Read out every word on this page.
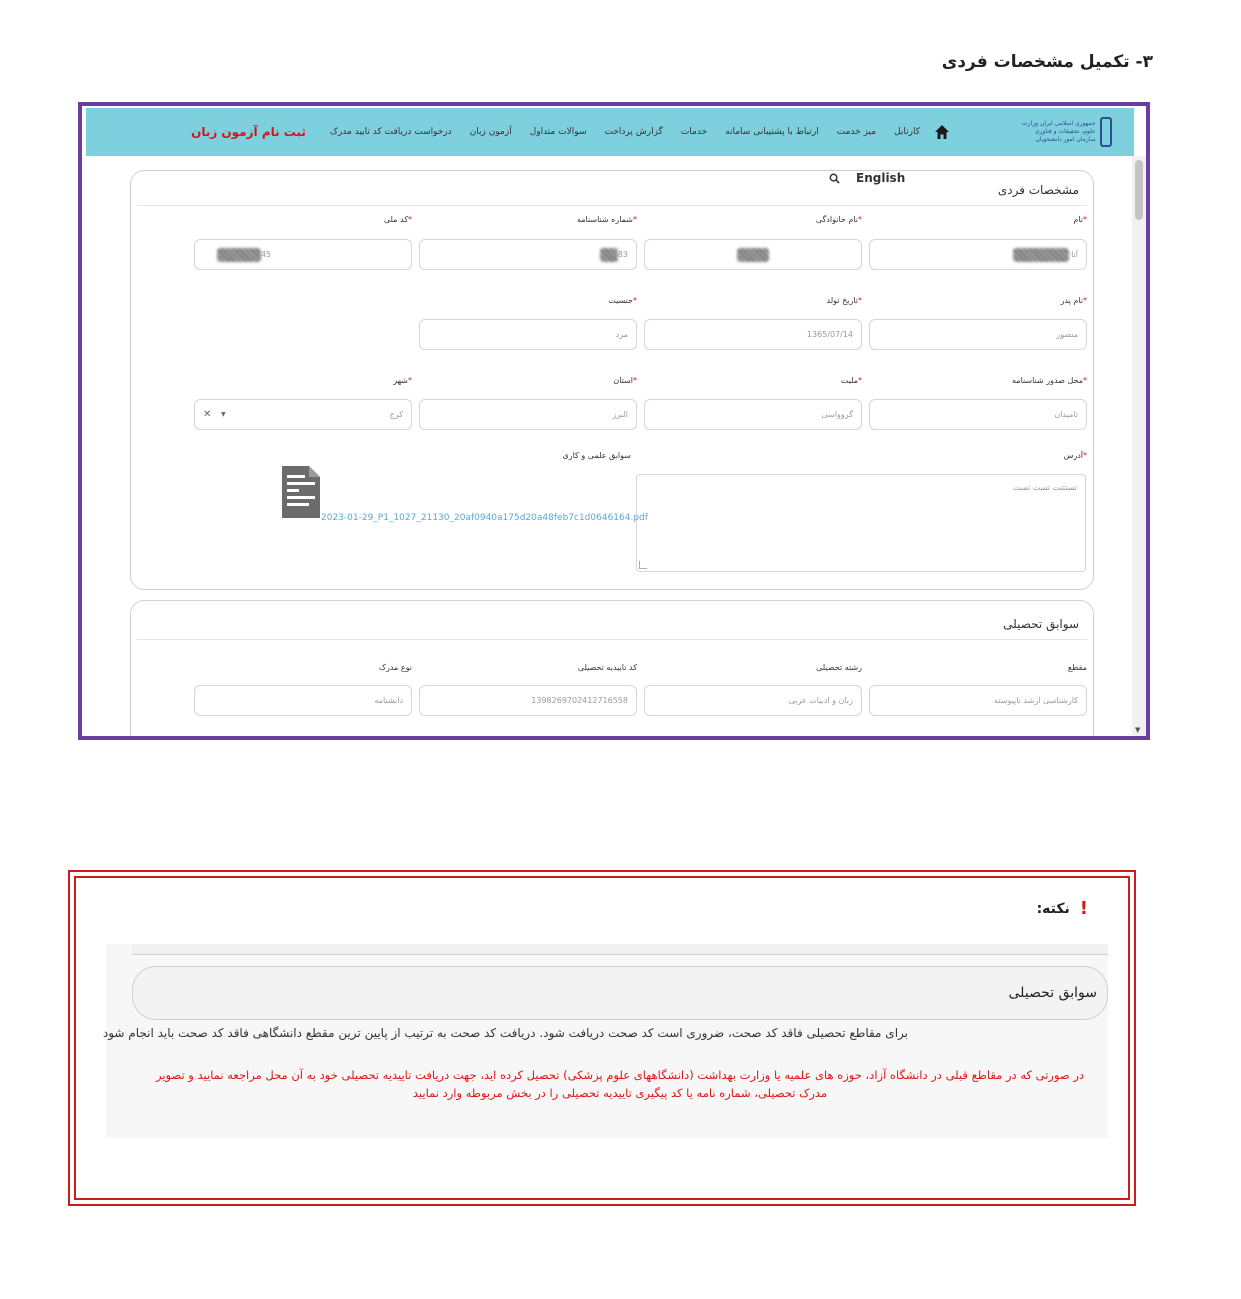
۳- تکمیل مشخصات فردی
جمهوری اسلامی ایران وزارت علوم، تحقیقات و فناوری سازمان امور دانشجویان
کارتابل
میز خدمت
ارتباط با پشتیبانی سامانه
خدمات
گزارش پرداخت
سوالات متداول
آزمون زبان
درخواست دریافت کد تایید مدرک
ثبت نام آزمون زبان
▼
مشخصات فردی
English
*نام
*نام خانوادگی
*شماره شناسنامه
*کد ملی
آتا
83
45
*نام پدر
*تاریخ تولد
*جنسیت
منصور
1365/07/14
مرد
*محل صدور شناسنامه
*ملیت
*استان
*شهر
تامیدان
گروواسی
البرز
کرج
✕ ▼
*آدرس
سوابق علمی و کاری
تستتتت تست تست
2023-01-29_P1_1027_21130_20af0940a175d20a48feb7c1d0646164.pdf
سوابق تحصیلی
مقطع
رشته تحصیلی
کد تاییدیه تحصیلی
نوع مدرک
کارشناسی ارشد ناپیوسته
زبان و ادبیات عربی
1398269702412716558
دانشنامه
!
نکته:
سوابق تحصیلی
برای مقاطع تحصیلی فاقد کد صحت، ضروری است کد صحت دریافت شود. دریافت کد صحت به ترتیب از پایین ترین مقطع دانشگاهی فاقد کد صحت باید انجام شود
در صورتی که در مقاطع قبلی در دانشگاه آزاد، حوزه های علمیه یا وزارت بهداشت (دانشگاههای علوم پزشکی) تحصیل کرده اید، جهت دریافت تاییدیه تحصیلی خود به آن محل مراجعه نمایید و تصویر مدرک تحصیلی، شماره نامه یا کد پیگیری تاییدیه تحصیلی را در بخش مربوطه وارد نمایید
